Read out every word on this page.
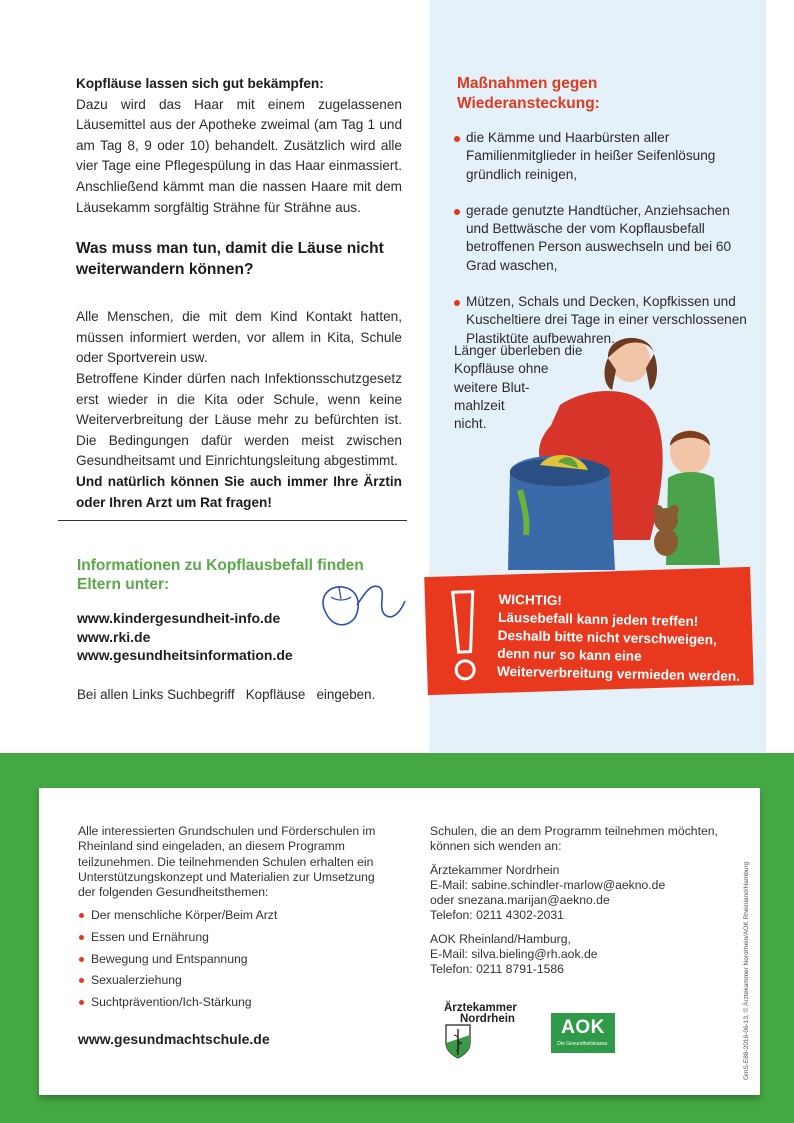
Kopfläuse lassen sich gut bekämpfen:

Dazu wird das Haar mit einem zugelassenen Läusemittel aus der Apotheke zweimal (am Tag 1 und am Tag 8, 9 oder 10) behandelt. Zusätzlich wird alle vier Tage eine Pflegespülung in das Haar einmassiert. Anschließend kämmt man die nassen Haare mit dem Läusekamm sorgfältig Strähne für Strähne aus.

Was muss man tun, damit die Läuse nicht weiterwandern können?

Alle Menschen, die mit dem Kind Kontakt hatten, müssen informiert werden, vor allem in Kita, Schule oder Sportverein usw.

Betroffene Kinder dürfen nach Infektionsschutzgesetz erst wieder in die Kita oder Schule, wenn keine Weiterverbreitung der Läuse mehr zu befürchten ist. Die Bedingungen dafür werden meist zwischen Gesundheitsamt und Einrichtungsleitung abgestimmt.

Und natürlich können Sie auch immer Ihre Ärztin oder Ihren Arzt um Rat fragen!

Informationen zu Kopflausbefall finden Eltern unter:
www.kindergesundheit-info.de
www.rki.de
www.gesundheitsinformation.de
Bei allen Links Suchbegriff   Kopfläuse   eingeben.
Maßnahmen gegen Wiederansteckung:
die Kämme und Haarbürsten aller Familienmitglieder in heißer Seifenlösung gründlich reinigen,
gerade genutzte Handtücher, Anziehsachen und Bettwäsche der vom Kopflausbefall betroffenen Person auswechseln und bei 60 Grad waschen,
Mützen, Schals und Decken, Kopfkissen und Kuscheltiere drei Tage in einer verschlossenen Plastiktüte aufbewahren.
Länger überleben die
Kopfläuse ohne
weitere Blut-
mahlzeit
nicht.
WICHTIG!
Läusebefall kann jeden treffen! Deshalb bitte nicht verschweigen, denn nur so kann eine Weiterverbreitung vermieden werden.

Alle interessierten Grundschulen und Förderschulen im Rheinland sind eingeladen, an diesem Programm teilzunehmen. Die teilnehmenden Schulen erhalten ein Unterstützungskonzept und Materialien zur Umsetzung der folgenden Gesundheitsthemen:

Der menschliche Körper/Beim Arzt
Essen und Ernährung
Bewegung und Entspannung
Sexualerziehung
Suchtprävention/Ich-Stärkung
www.gesundmachtschule.de
Schulen, die an dem Programm teilnehmen möchten, können sich wenden an:
Ärztekammer Nordrhein
E-Mail: sabine.schindler-marlow@aekno.de
oder snezana.marijan@aekno.de
Telefon: 0211 4302-2031
AOK Rheinland/Hamburg,
E-Mail: silva.bieling@rh.aok.de
Telefon: 0211 8791-1586
Ärztekammer
Nordrhein	AOK
Die Gesundheitskasse.	GmS-E88-2016-06-13, © Ärztekammer Nordrhein/AOK Rheinland/Hamburg
